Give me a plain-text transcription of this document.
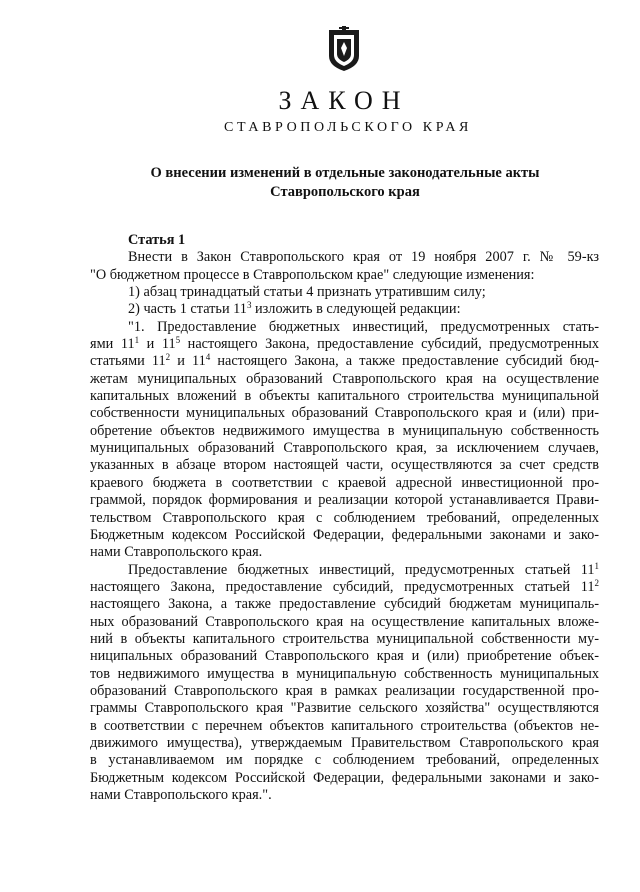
ЗАКОН
СТАВРОПОЛЬСКОГО КРАЯ
О внесении изменений в отдельные законодательные акты
Ставропольского края
Статья 1
Внести в Закон Ставропольского края от 19 ноября 2007 г. № 59-кз
"О бюджетном процессе в Ставропольском крае" следующие изменения:
1) абзац тринадцатый статьи 4 признать утратившим силу;
2) часть 1 статьи $11^3$ изложить в следующей редакции:
"1. Предоставление бюджетных инвестиций, предусмотренных стать-
ями $11^1$ и $11^5$ настоящего Закона, предоставление субсидий, предусмотренных
статьями $11^2$ и $11^4$ настоящего Закона, а также предоставление субсидий бюд-
жетам муниципальных образований Ставропольского края на осуществление
капитальных вложений в объекты капитального строительства муниципальной
собственности муниципальных образований Ставропольского края и (или) при-
обретение объектов недвижимого имущества в муниципальную собственность
муниципальных образований Ставропольского края, за исключением случаев,
указанных в абзаце втором настоящей части, осуществляются за счет средств
краевого бюджета в соответствии с краевой адресной инвестиционной про-
граммой, порядок формирования и реализации которой устанавливается Прави-
тельством Ставропольского края с соблюдением требований, определенных
Бюджетным кодексом Российской Федерации, федеральными законами и зако-
нами Ставропольского края.
Предоставление бюджетных инвестиций, предусмотренных статьей $11^1$
настоящего Закона, предоставление субсидий, предусмотренных статьей $11^2$
настоящего Закона, а также предоставление субсидий бюджетам муниципаль-
ных образований Ставропольского края на осуществление капитальных вложе-
ний в объекты капитального строительства муниципальной собственности му-
ниципальных образований Ставропольского края и (или) приобретение объек-
тов недвижимого имущества в муниципальную собственность муниципальных
образований Ставропольского края в рамках реализации государственной про-
граммы Ставропольского края "Развитие сельского хозяйства" осуществляются
в соответствии с перечнем объектов капитального строительства (объектов не-
движимого имущества), утверждаемым Правительством Ставропольского края
в устанавливаемом им порядке с соблюдением требований, определенных
Бюджетным кодексом Российской Федерации, федеральными законами и зако-
нами Ставропольского края.".
